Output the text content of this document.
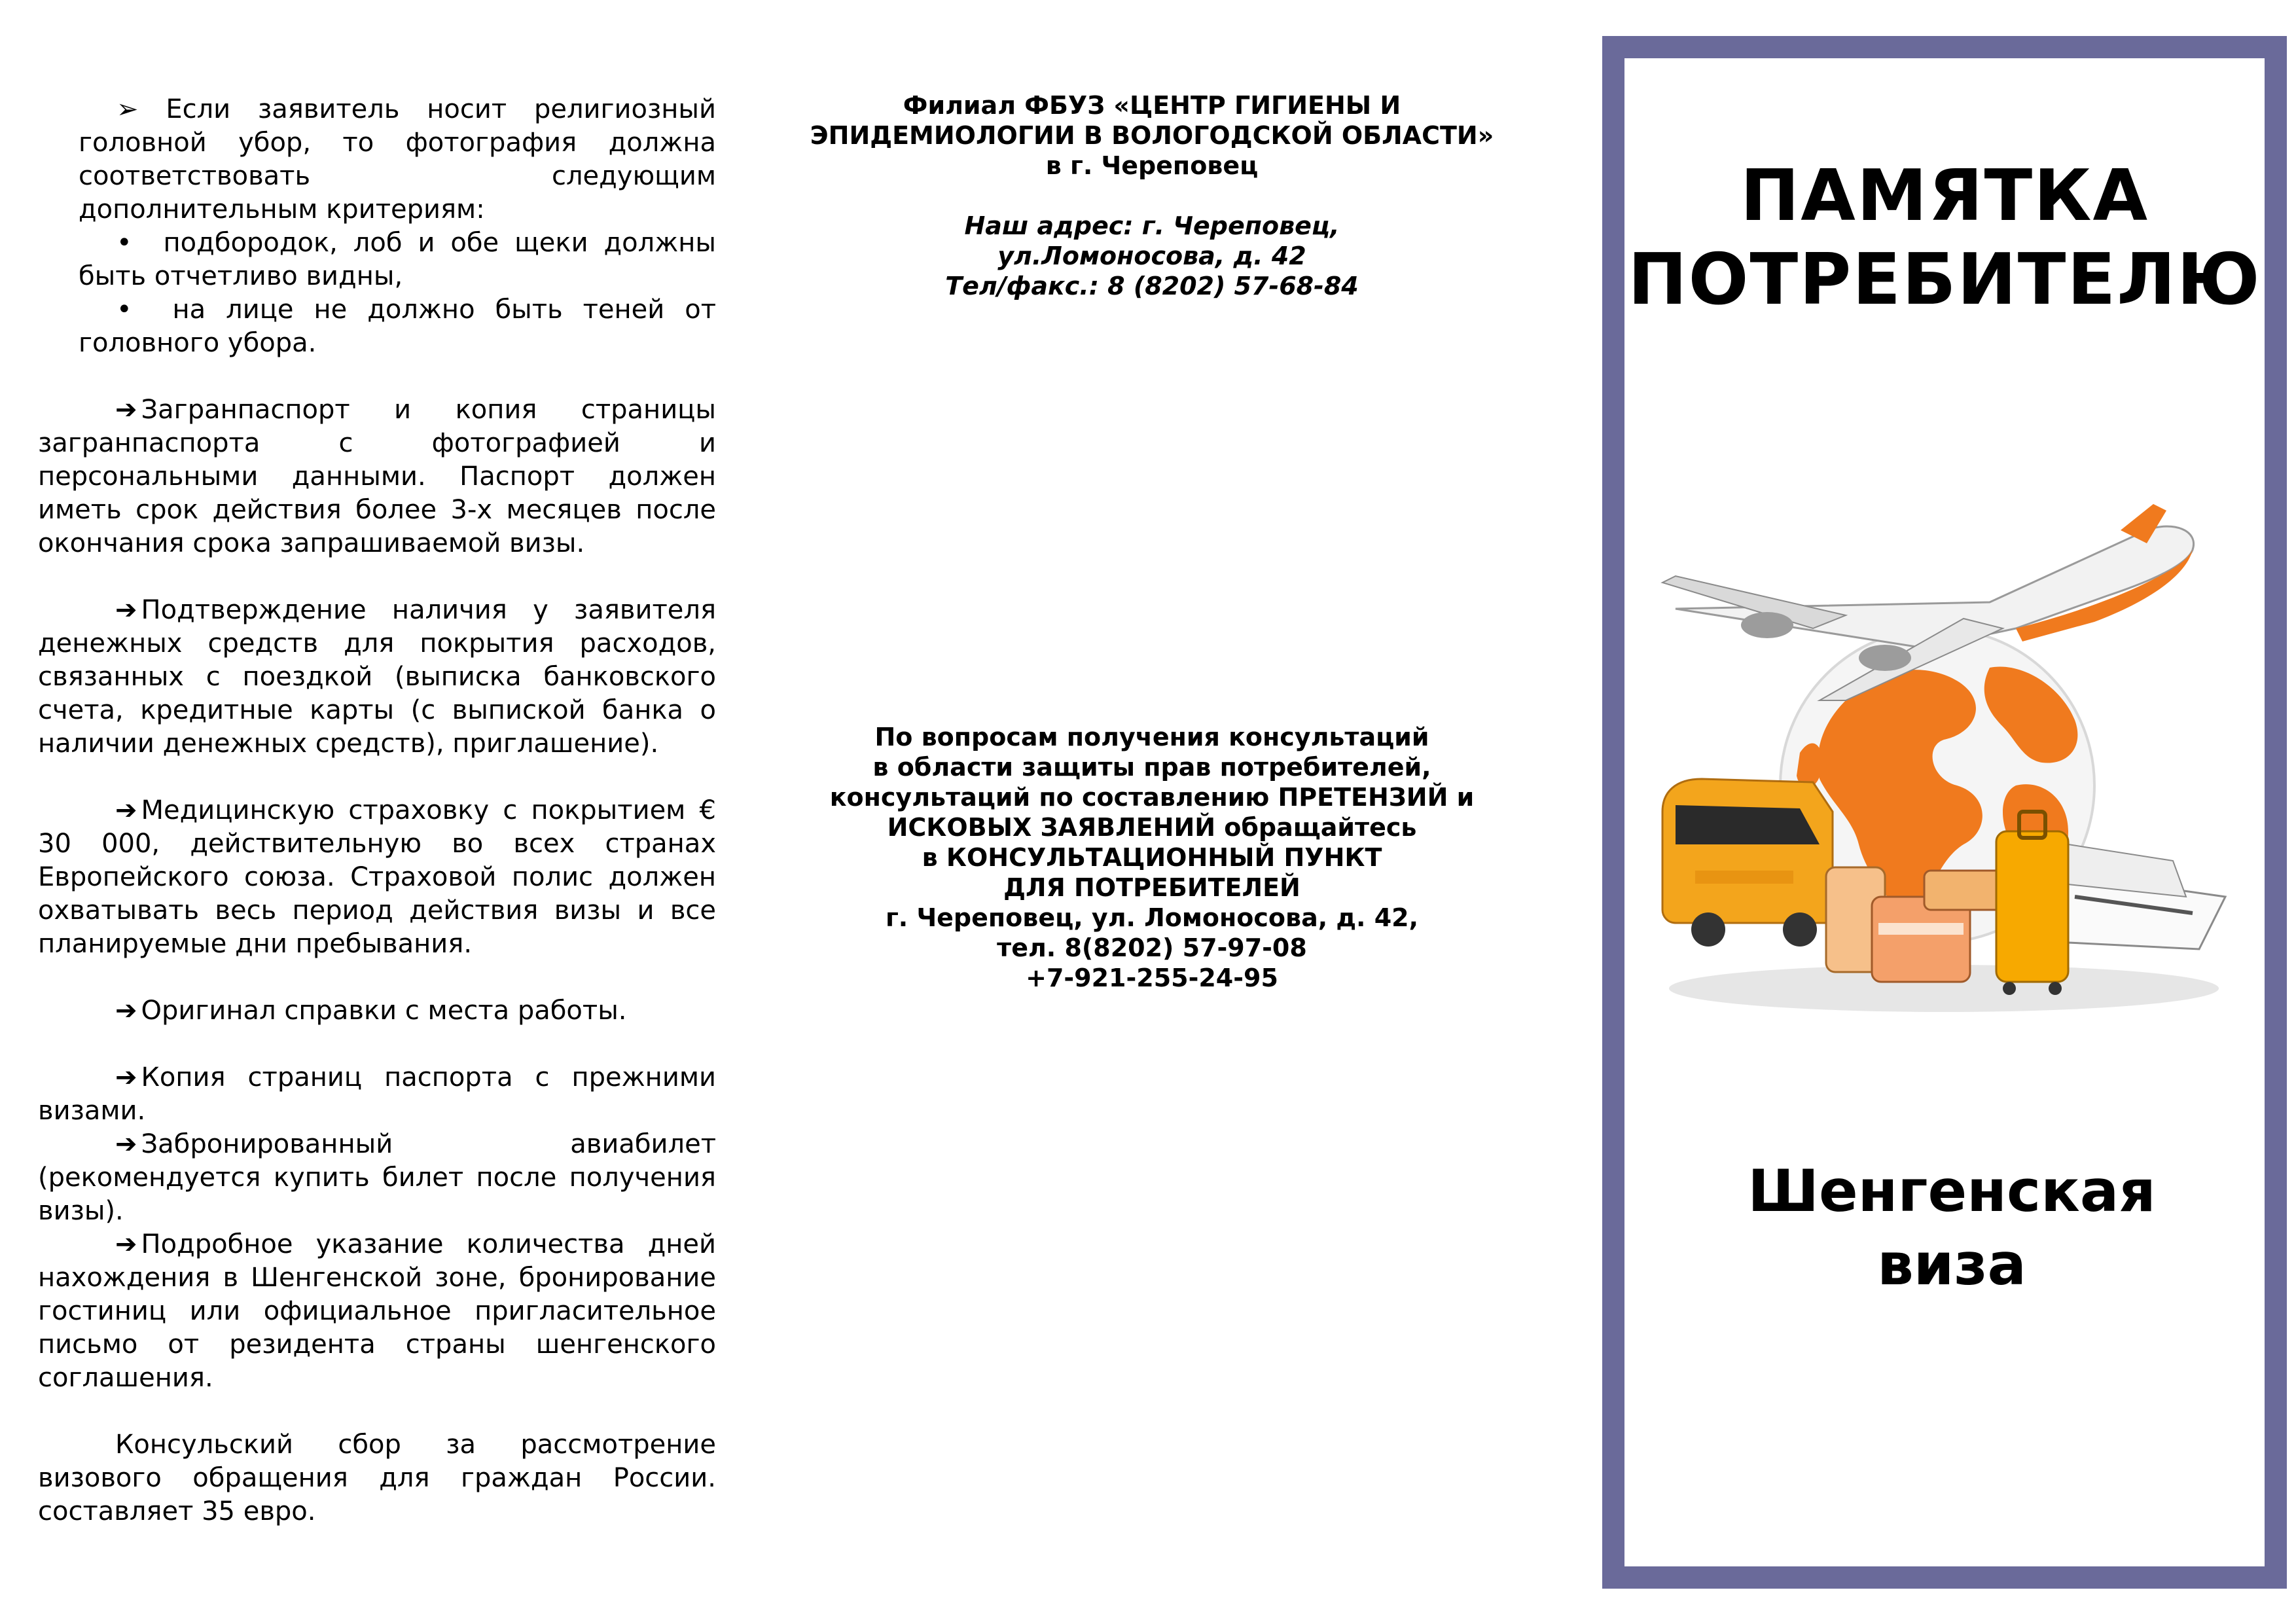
➢ Если заявитель носит религиозный головной убор, то фотография должна соответствовать следующим дополнительным критериям:
•  подбородок, лоб и обе щеки должны быть отчетливо видны,
•  на лице не должно быть теней от головного убора.

➔ Загранпаспорт и копия страницы загранпаспорта с фотографией и персональными данными. Паспорт должен иметь срок действия более 3-х месяцев после окончания срока запрашиваемой визы.

➔ Подтверждение наличия у заявителя денежных средств для покрытия расходов, связанных с поездкой (выписка банковского счета, кредитные карты (с выпиской банка о наличии денежных средств), приглашение).

➔ Медицинскую страховку с покрытием € 30 000, действительную во всех странах Европейского союза. Страховой полис должен охватывать весь период действия визы и все планируемые дни пребывания.

➔ Оригинал справки с места работы.

➔ Копия страниц паспорта с прежними визами.

➔ Забронированный авиабилет (рекомендуется купить билет после получения визы).

➔ Подробное указание количества дней нахождения в Шенгенской зоне, бронирование гостиниц или официальное пригласительное письмо от резидента страны шенгенского соглашения.

Консульский сбор за рассмотрение визового обращения для граждан России. составляет 35 евро.

Филиал ФБУЗ «ЦЕНТР ГИГИЕНЫ И
ЭПИДЕМИОЛОГИИ В ВОЛОГОДСКОЙ ОБЛАСТИ»
в г. Череповец
Наш адрес: г. Череповец,
ул.Ломоносова, д. 42
Тел/факс.: 8 (8202) 57-68-84
По вопросам получения консультаций
в области защиты прав потребителей,
консультаций по составлению ПРЕТЕНЗИЙ и
ИСКОВЫХ ЗАЯВЛЕНИЙ обращайтесь
в КОНСУЛЬТАЦИОННЫЙ ПУНКТ
ДЛЯ ПОТРЕБИТЕЛЕЙ
г. Череповец, ул. Ломоносова, д. 42,
тел. 8(8202) 57-97-08
+7-921-255-24-95
ПАМЯТКА
ПОТРЕБИТЕЛЮ
Шенгенская
виза
